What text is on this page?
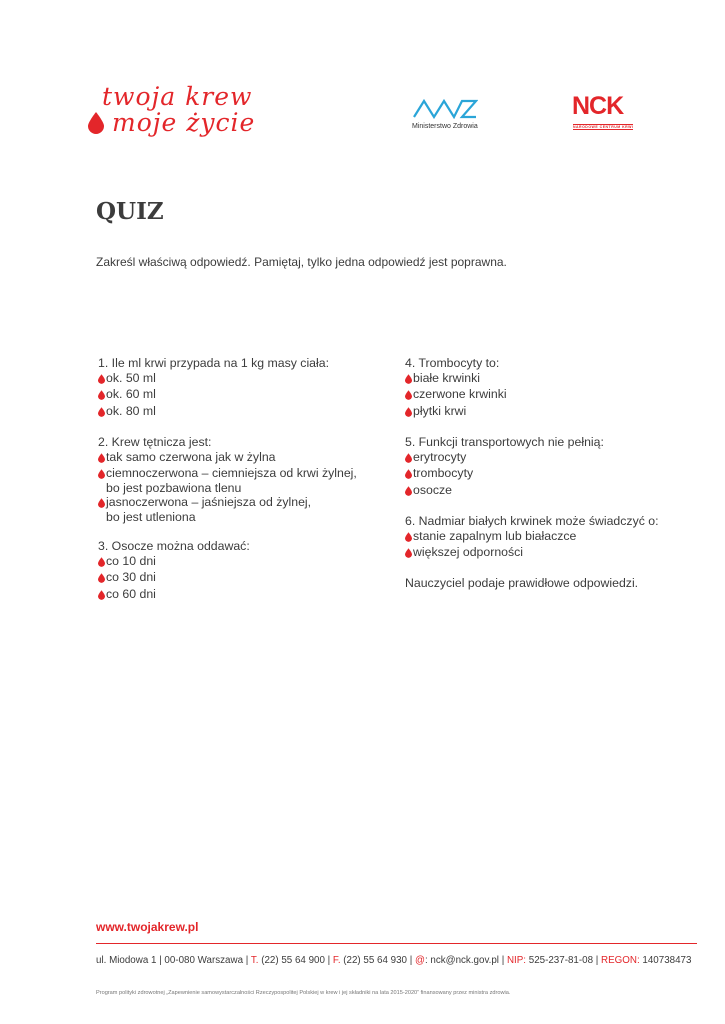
twoja krew
moje życie	Ministerstwo Zdrowia
NCK
NARODOWE CENTRUM KRWI
QUIZ
Zakreśl właściwą odpowiedź. Pamiętaj, tylko jedna odpowiedź jest poprawna.
1. Ile ml krwi przypada na 1 kg masy ciała:
ok. 50 ml
ok. 60 ml
ok. 80 ml
2. Krew tętnicza jest:
tak samo czerwona jak w żylna
ciemnoczerwona – ciemniejsza od krwi żylnej,
bo jest pozbawiona tlenu
jasnoczerwona – jaśniejsza od żylnej,
bo jest utleniona
3. Osocze można oddawać:
co 10 dni
co 30 dni
co 60 dni
4. Trombocyty to:
białe krwinki
czerwone krwinki
płytki krwi
5. Funkcji transportowych nie pełnią:
erytrocyty
trombocyty
osocze
6. Nadmiar białych krwinek może świadczyć o:
stanie zapalnym lub białaczce
większej odporności
Nauczyciel podaje prawidłowe odpowiedzi.
www.twojakrew.pl
ul. Miodowa 1 | 00-080 Warszawa | T. (22) 55 64 900 | F. (22) 55 64 930 | @: nck@nck.gov.pl | NIP: 525-237-81-08 | REGON: 140738473
Program polityki zdrowotnej „Zapewnienie samowystarczalności Rzeczypospolitej Polskiej w krew i jej składniki na lata 2015-2020” finansowany przez ministra zdrowia.
